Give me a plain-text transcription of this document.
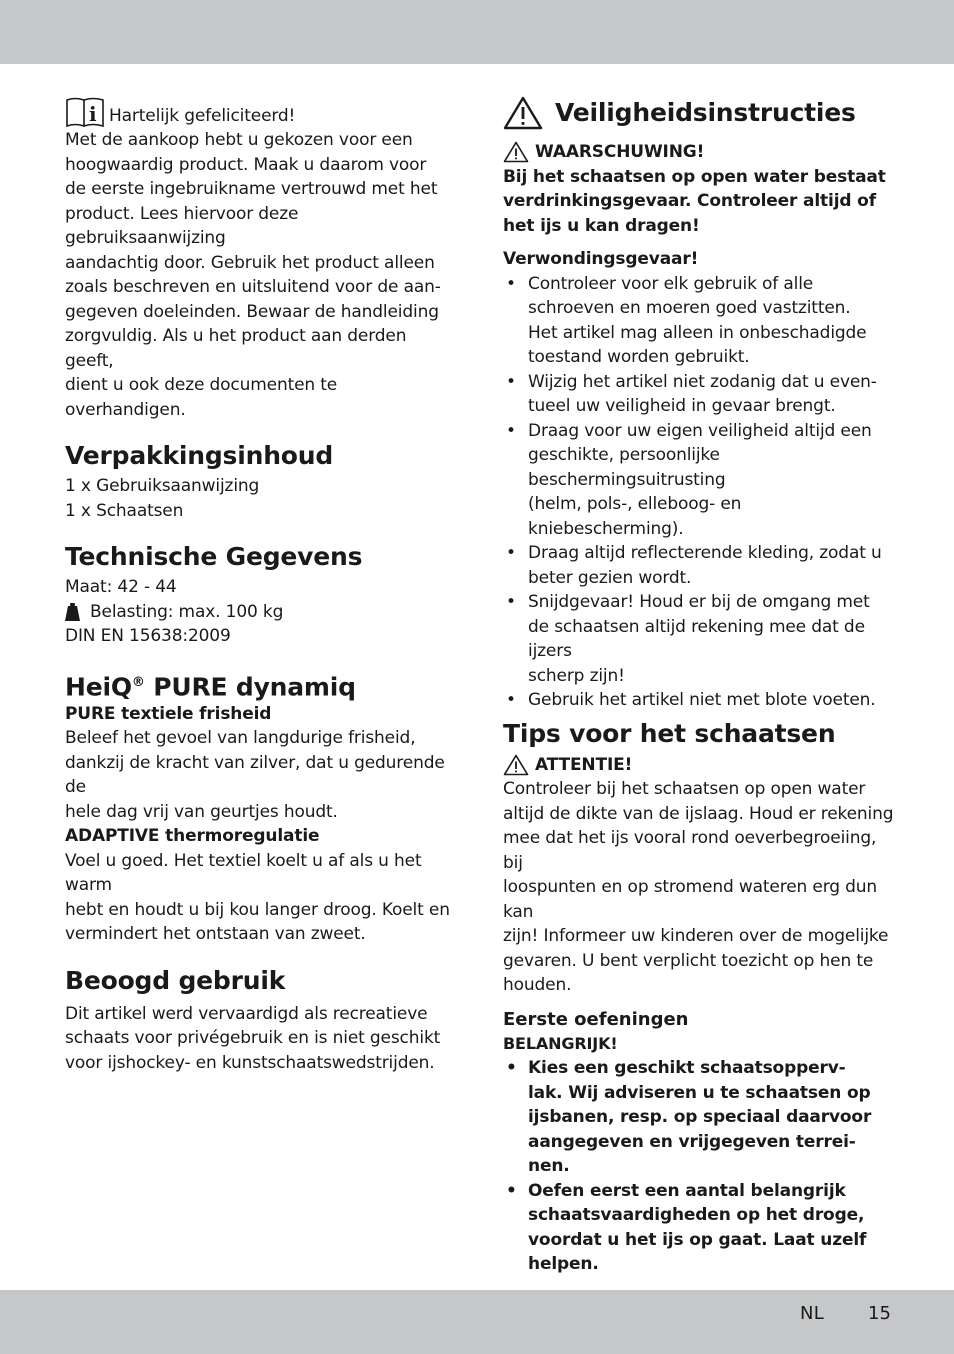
i Hartelijk gefeliciteerd!
Met de aankoop hebt u gekozen voor een
hoogwaardig product. Maak u daarom voor
de eerste ingebruikname vertrouwd met het
product. Lees hiervoor deze gebruiksaanwijzing
aandachtig door. Gebruik het product alleen
zoals beschreven en uitsluitend voor de aan-
gegeven doeleinden. Bewaar de handleiding
zorgvuldig. Als u het product aan derden geeft,
dient u ook deze documenten te overhandigen.
Verpakkingsinhoud
1 x Gebruiksaanwijzing
1 x Schaatsen
Technische Gegevens
Maat: 42 - 44
Belasting: max. 100 kg
DIN EN 15638:2009
HeiQ® PURE dynamiq
PURE textiele frisheid
Beleef het gevoel van langdurige frisheid,
dankzij de kracht van zilver, dat u gedurende de
hele dag vrij van geurtjes houdt.
ADAPTIVE thermoregulatie
Voel u goed. Het textiel koelt u af als u het warm
hebt en houdt u bij kou langer droog. Koelt en
vermindert het ontstaan van zweet.
Beoogd gebruik
Dit artikel werd vervaardigd als recreatieve
schaats voor privégebruik en is niet geschikt
voor ijshockey- en kunstschaatswedstrijden.
Veiligheidsinstructies
WAARSCHUWING!
Bij het schaatsen op open water bestaat
verdrinkingsgevaar. Controleer altijd of
het ijs u kan dragen!
Verwondingsgevaar!
• Controleer voor elk gebruik of alle
schroeven en moeren goed vastzitten.
Het artikel mag alleen in onbeschadigde
toestand worden gebruikt.
• Wijzig het artikel niet zodanig dat u even-
tueel uw veiligheid in gevaar brengt.
• Draag voor uw eigen veiligheid altijd een
geschikte, persoonlijke beschermingsuitrusting
(helm, pols-, elleboog- en kniebescherming).
• Draag altijd reflecterende kleding, zodat u
beter gezien wordt.
• Snijdgevaar! Houd er bij de omgang met
de schaatsen altijd rekening mee dat de ijzers
scherp zijn!
• Gebruik het artikel niet met blote voeten.
Tips voor het schaatsen
ATTENTIE!
Controleer bij het schaatsen op open water
altijd de dikte van de ijslaag. Houd er rekening
mee dat het ijs vooral rond oeverbegroeiing, bij
loospunten en op stromend wateren erg dun kan
zijn! Informeer uw kinderen over de mogelijke
gevaren. U bent verplicht toezicht op hen te
houden.
Eerste oefeningen
BELANGRIJK!
• Kies een geschikt schaatsopperv-
lak. Wij adviseren u te schaatsen op
ijsbanen, resp. op speciaal daarvoor
aangegeven en vrijgegeven terrei-
nen.
• Oefen eerst een aantal belangrijk
schaatsvaardigheden op het droge,
voordat u het ijs op gaat. Laat uzelf
helpen.
NL 15
